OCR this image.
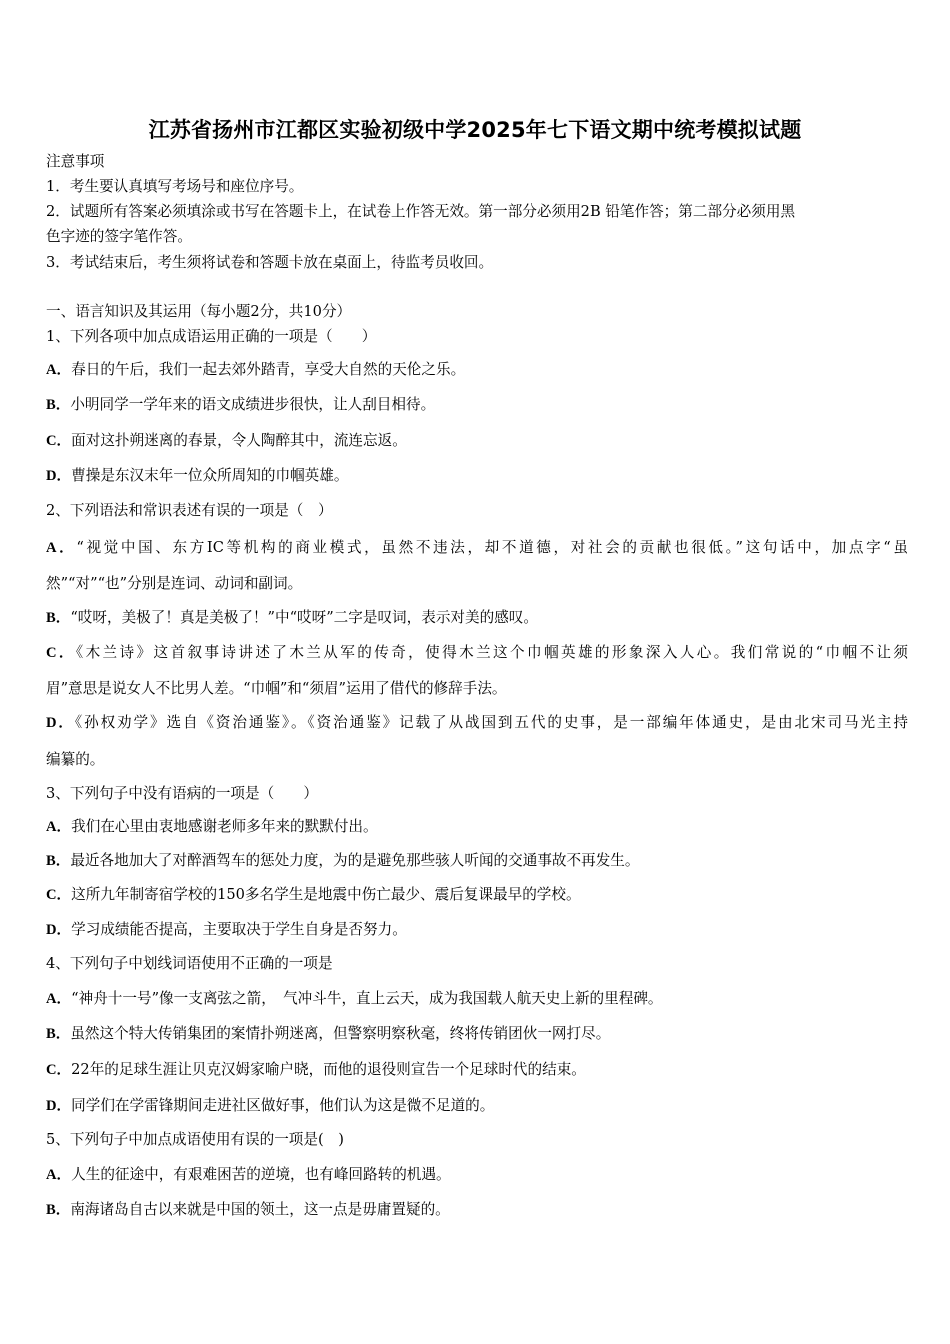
江苏省扬州市江都区实验初级中学2025年七下语文期中统考模拟试题
注意事项
1．考生要认真填写考场号和座位序号。
2．试题所有答案必须填涂或书写在答题卡上，在试卷上作答无效。第一部分必须用2B 铅笔作答；第二部分必须用黑
色字迹的签字笔作答。
3．考试结束后，考生须将试卷和答题卡放在桌面上，待监考员收回。
一、语言知识及其运用（每小题2分，共10分）
1、下列各项中加点成语运用正确的一项是（　　）
A．春日的午后，我们一起去郊外踏青，享受大自然的天伦之乐。
B．小明同学一学年来的语文成绩进步很快，让人刮目相待。
C．面对这扑朔迷离的春景，令人陶醉其中，流连忘返。
D．曹操是东汉末年一位众所周知的巾帼英雄。
2、下列语法和常识表述有误的一项是（　）
A．“视觉中国、东方IC等机构的商业模式，虽然不违法，却不道德，对社会的贡献也很低。”这句话中，加点字“虽
然”“对”“也”分别是连词、动词和副词。
B．“哎呀，美极了！真是美极了！”中“哎呀”二字是叹词，表示对美的感叹。
C．《木兰诗》这首叙事诗讲述了木兰从军的传奇，使得木兰这个巾帼英雄的形象深入人心。我们常说的“巾帼不让须
眉”意思是说女人不比男人差。“巾帼”和“须眉”运用了借代的修辞手法。
D．《孙权劝学》选自《资治通鉴》。《资治通鉴》记载了从战国到五代的史事，是一部编年体通史，是由北宋司马光主持
编纂的。
3、下列句子中没有语病的一项是（　　）
A．我们在心里由衷地感谢老师多年来的默默付出。
B．最近各地加大了对醉酒驾车的惩处力度，为的是避免那些骇人听闻的交通事故不再发生。
C．这所九年制寄宿学校的150多名学生是地震中伤亡最少、震后复课最早的学校。
D．学习成绩能否提高，主要取决于学生自身是否努力。
4、下列句子中划线词语使用不正确的一项是
A．“神舟十一号”像一支离弦之箭，　气冲斗牛，直上云天，成为我国载人航天史上新的里程碑。
B．虽然这个特大传销集团的案情扑朔迷离，但警察明察秋毫，终将传销团伙一网打尽。
C．22年的足球生涯让贝克汉姆家喻户晓，而他的退役则宣告一个足球时代的结束。
D．同学们在学雷锋期间走进社区做好事，他们认为这是微不足道的。
5、下列句子中加点成语使用有误的一项是(　)
A．人生的征途中，有艰难困苦的逆境，也有峰回路转的机遇。
B．南海诸岛自古以来就是中国的领土，这一点是毋庸置疑的。
